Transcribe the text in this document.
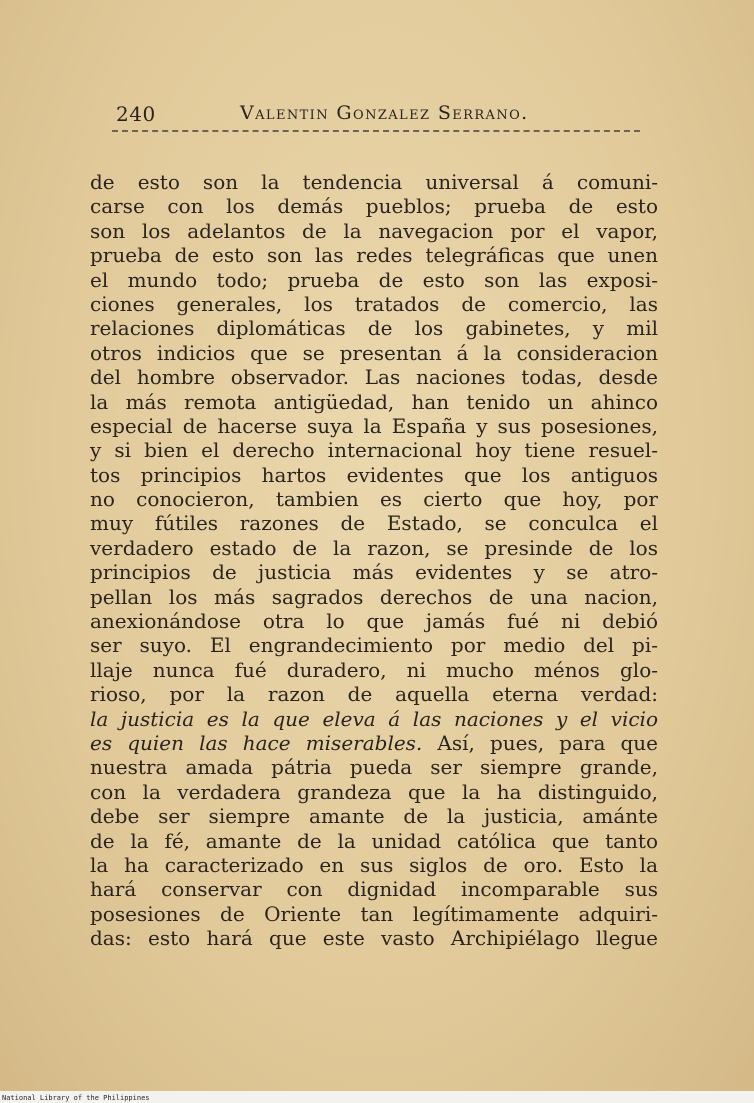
240	Valentin Gonzalez Serrano.
de esto son la tendencia universal á comuni-
carse con los demás pueblos; prueba de esto
son los adelantos de la navegacion por el vapor,
prueba de esto son las redes telegráficas que unen
el mundo todo; prueba de esto son las exposi-
ciones generales, los tratados de comercio, las
relaciones diplomáticas de los gabinetes, y mil
otros indicios que se presentan á la consideracion
del hombre observador. Las naciones todas, desde
la más remota antigüedad, han tenido un ahinco
especial de hacerse suya la España y sus posesiones,
y si bien el derecho internacional hoy tiene resuel-
tos principios hartos evidentes que los antiguos
no conocieron, tambien es cierto que hoy, por
muy fútiles razones de Estado, se conculca el
verdadero estado de la razon, se presinde de los
principios de justicia más evidentes y se atro-
pellan los más sagrados derechos de una nacion,
anexionándose otra lo que jamás fué ni debió
ser suyo. El engrandecimiento por medio del pi-
llaje nunca fué duradero, ni mucho ménos glo-
rioso, por la razon de aquella eterna verdad:
la justicia es la que eleva á las naciones y el vicio
es quien las hace miserables. Así, pues, para que
nuestra amada pátria pueda ser siempre grande,
con la verdadera grandeza que la ha distinguido,
debe ser siempre amante de la justicia, amánte
de la fé, amante de la unidad católica que tanto
la ha caracterizado en sus siglos de oro. Esto la
hará conservar con dignidad incomparable sus
posesiones de Oriente tan legítimamente adquiri-
das: esto hará que este vasto Archipiélago llegue
National Library of the Philippines
